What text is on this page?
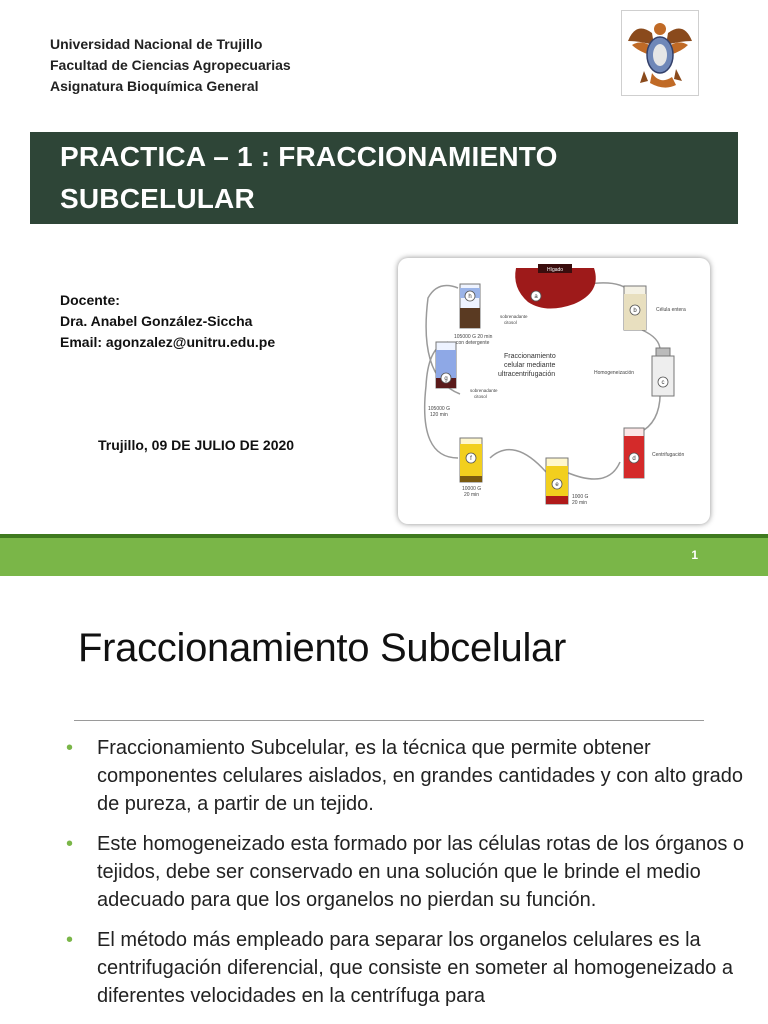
Universidad Nacional de Trujillo
Facultad de Ciencias Agropecuarias
Asignatura Bioquímica General
PRACTICA – 1 : FRACCIONAMIENTO
SUBCELULAR
Docente:
Dra. Anabel González-Siccha
Email: agonzalez@unitru.edu.pe
Trujillo, 09 DE JULIO DE 2020
Hígado
a
h
sobrenadante
citosol
105000 G 20 min
con detergente
Fraccionamiento
celular mediante
ultracentrifugación
b	Célula entera
c
Homogeneización
g
sobrenadante
citosol
105000 G
120 min
d
Centrifugación
f
10000 G
20 min
e
1000 G
20 min
1
Fraccionamiento Subcelular
• Fraccionamiento Subcelular, es la técnica que permite obtener componentes celulares aislados, en grandes cantidades y con alto grado de pureza, a partir de un tejido.
• Este homogeneizado esta formado por las células rotas de los órganos o tejidos, debe ser conservado en una solución que le brinde el medio adecuado para que los organelos no pierdan su función.
• El método más empleado para separar los organelos celulares es la centrifugación diferencial, que consiste en someter al homogeneizado a diferentes velocidades en la centrífuga para
